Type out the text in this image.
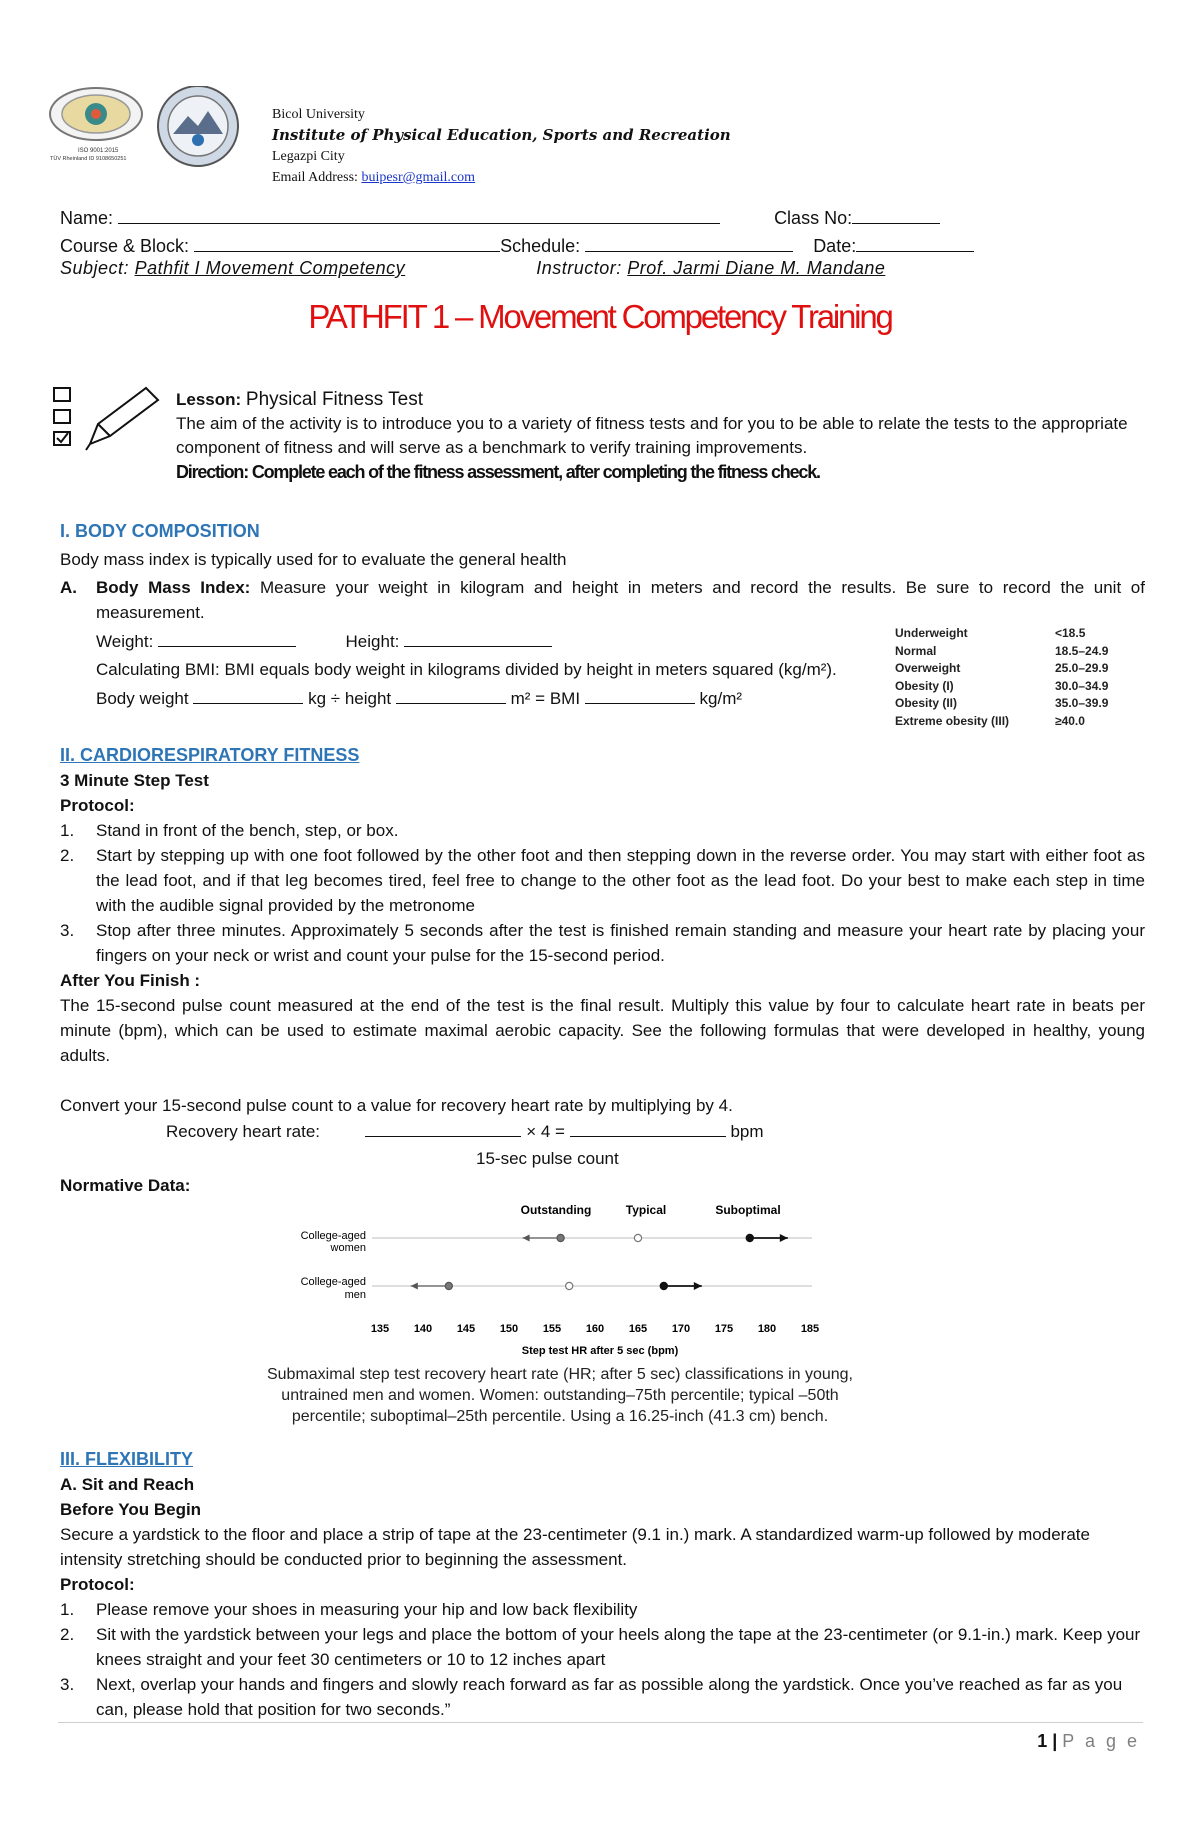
ISO 9001:2015
TÜV Rheinland ID 9108650251
Bicol University
Institute of Physical Education, Sports and Recreation
Legazpi City
Email Address: buipesr@gmail.com
Name:	Class No:
Course & Block:	Schedule:	Date:
Subject: Pathfit I Movement Competency	Instructor: Prof. Jarmi Diane M. Mandane
PATHFIT 1 – Movement Competency Training
Lesson: Physical Fitness Test
The aim of the activity is to introduce you to a variety of fitness tests and for you to be able to relate the tests to the appropriate component of fitness and will serve as a benchmark to verify training improvements.
Direction: Complete each of the fitness assessment, after completing the fitness check.
I. BODY COMPOSITION
Body mass index is typically used for to evaluate the general health
A. Body Mass Index: Measure your weight in kilogram and height in meters and record the results. Be sure to record the unit of measurement.
Weight:	Height:
Calculating BMI: BMI equals body weight in kilograms divided by height in meters squared (kg/m²).
Body weight	kg ÷ height	m² = BMI	kg/m²
Underweight	<18.5
Normal	18.5–24.9
Overweight	25.0–29.9
Obesity (I)	30.0–34.9
Obesity (II)	35.0–39.9
Extreme obesity (III)	≥40.0
II. CARDIORESPIRATORY FITNESS
3 Minute Step Test
Protocol:
1. Stand in front of the bench, step, or box.
2. Start by stepping up with one foot followed by the other foot and then stepping down in the reverse order. You may start with either foot as the lead foot, and if that leg becomes tired, feel free to change to the other foot as the lead foot. Do your best to make each step in time with the audible signal provided by the metronome
3. Stop after three minutes. Approximately 5 seconds after the test is finished remain standing and measure your heart rate by placing your fingers on your neck or wrist and count your pulse for the 15-second period.
After You Finish :
The 15-second pulse count measured at the end of the test is the final result. Multiply this value by four to calculate heart rate in beats per minute (bpm), which can be used to estimate maximal aerobic capacity. See the following formulas that were developed in healthy, young adults.
Convert your 15-second pulse count to a value for recovery heart rate by multiplying by 4.
Recovery heart rate:	× 4 =	bpm
15-sec pulse count
Normative Data:
Outstanding	Typical	Suboptimal
College-aged
women
College-aged
men
135 140 145 150 155 160 165 170 175 180 185
Step test HR after 5 sec (bpm)
Submaximal step test recovery heart rate (HR; after 5 sec) classifications in young, untrained men and women. Women: outstanding–75th percentile; typical –50th percentile; suboptimal–25th percentile. Using a 16.25-inch (41.3 cm) bench.
III. FLEXIBILITY
A. Sit and Reach
Before You Begin
Secure a yardstick to the floor and place a strip of tape at the 23-centimeter (9.1 in.) mark. A standardized warm-up followed by moderate intensity stretching should be conducted prior to beginning the assessment.
Protocol:
1. Please remove your shoes in measuring your hip and low back flexibility
2. Sit with the yardstick between your legs and place the bottom of your heels along the tape at the 23-centimeter (or 9.1-in.) mark. Keep your knees straight and your feet 30 centimeters or 10 to 12 inches apart
3. Next, overlap your hands and fingers and slowly reach forward as far as possible along the yardstick. Once you’ve reached as far as you can, please hold that position for two seconds.”
1 | P a g e
